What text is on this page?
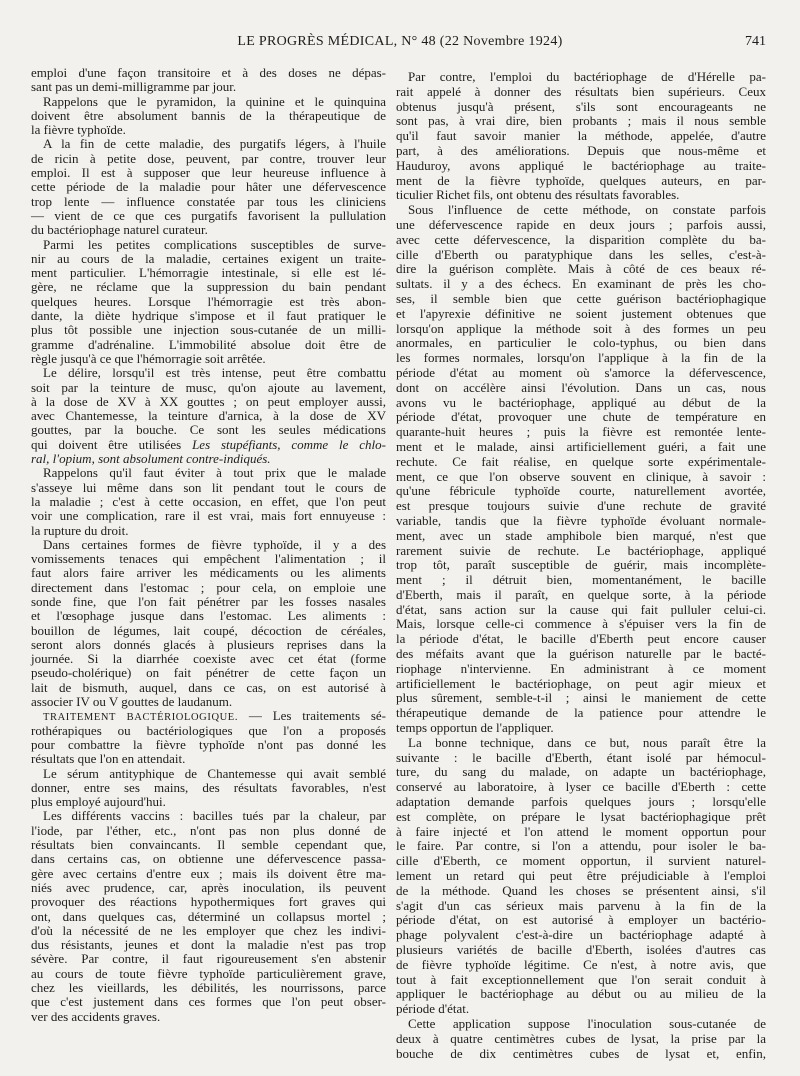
LE PROGRÈS MÉDICAL, N° 48 (22 Novembre 1924)	741
emploi d'une façon transitoire et à des doses ne dépas-
sant pas un demi-milligramme par jour.
Rappelons que le pyramidon, la quinine et le quinquina
doivent être absolument bannis de la thérapeutique de
la fièvre typhoïde.
A la fin de cette maladie, des purgatifs légers, à l'huile
de ricin à petite dose, peuvent, par contre, trouver leur
emploi. Il est à supposer que leur heureuse influence à
cette période de la maladie pour hâter une défervescence
trop lente — influence constatée par tous les cliniciens
— vient de ce que ces purgatifs favorisent la pullulation
du bactériophage naturel curateur.
Parmi les petites complications susceptibles de surve-
nir au cours de la maladie, certaines exigent un traite-
ment particulier. L'hémorragie intestinale, si elle est lé-
gère, ne réclame que la suppression du bain pendant
quelques heures. Lorsque l'hémorragie est très abon-
dante, la diète hydrique s'impose et il faut pratiquer le
plus tôt possible une injection sous-cutanée de un milli-
gramme d'adrénaline. L'immobilité absolue doit être de
règle jusqu'à ce que l'hémorragie soit arrêtée.
Le délire, lorsqu'il est très intense, peut être combattu
soit par la teinture de musc, qu'on ajoute au lavement,
à la dose de XV à XX gouttes ; on peut employer aussi,
avec Chantemesse, la teinture d'arnica, à la dose de XV
gouttes, par la bouche. Ce sont les seules médications
qui doivent être utilisées Les stupéfiants, comme le chlo-
ral, l'opium, sont absolument contre-indiqués.
Rappelons qu'il faut éviter à tout prix que le malade
s'asseye lui même dans son lit pendant tout le cours de
la maladie ; c'est à cette occasion, en effet, que l'on peut
voir une complication, rare il est vrai, mais fort ennuyeuse :
la rupture du droit.
Dans certaines formes de fièvre typhoïde, il y a des
vomissements tenaces qui empêchent l'alimentation ; il
faut alors faire arriver les médicaments ou les aliments
directement dans l'estomac ; pour cela, on emploie une
sonde fine, que l'on fait pénétrer par les fosses nasales
et l'œsophage jusque dans l'estomac. Les aliments :
bouillon de légumes, lait coupé, décoction de céréales,
seront alors donnés glacés à plusieurs reprises dans la
journée. Si la diarrhée coexiste avec cet état (forme
pseudo-cholérique) on fait pénétrer de cette façon un
lait de bismuth, auquel, dans ce cas, on est autorisé à
associer IV ou V gouttes de laudanum.
TRAITEMENT BACTÉRIOLOGIQUE. — Les traitements sé-
rothérapiques ou bactériologiques que l'on a proposés
pour combattre la fièvre typhoïde n'ont pas donné les
résultats que l'on en attendait.
Le sérum antityphique de Chantemesse qui avait semblé
donner, entre ses mains, des résultats favorables, n'est
plus employé aujourd'hui.
Les différents vaccins : bacilles tués par la chaleur, par
l'iode, par l'éther, etc., n'ont pas non plus donné de
résultats bien convaincants. Il semble cependant que,
dans certains cas, on obtienne une défervescence passa-
gère avec certains d'entre eux ; mais ils doivent être ma-
niés avec prudence, car, après inoculation, ils peuvent
provoquer des réactions hypothermiques fort graves qui
ont, dans quelques cas, déterminé un collapsus mortel ;
d'où la nécessité de ne les employer que chez les indivi-
dus résistants, jeunes et dont la maladie n'est pas trop
sévère. Par contre, il faut rigoureusement s'en abstenir
au cours de toute fièvre typhoïde particulièrement grave,
chez les vieillards, les débilités, les nourrissons, parce
que c'est justement dans ces formes que l'on peut obser-
ver des accidents graves.
Par contre, l'emploi du bactériophage de d'Hérelle pa-
rait appelé à donner des résultats bien supérieurs. Ceux
obtenus jusqu'à présent, s'ils sont encourageants ne
sont pas, à vrai dire, bien probants ; mais il nous semble
qu'il faut savoir manier la méthode, appelée, d'autre
part, à des améliorations. Depuis que nous-même et
Hauduroy, avons appliqué le bactériophage au traite-
ment de la fièvre typhoïde, quelques auteurs, en par-
ticulier Richet fils, ont obtenu des résultats favorables.
Sous l'influence de cette méthode, on constate parfois
une défervescence rapide en deux jours ; parfois aussi,
avec cette défervescence, la disparition complète du ba-
cille d'Eberth ou paratyphique dans les selles, c'est-à-
dire la guérison complète. Mais à côté de ces beaux ré-
sultats. il y a des échecs. En examinant de près les cho-
ses, il semble bien que cette guérison bactériophagique
et l'apyrexie définitive ne soient justement obtenues que
lorsqu'on applique la méthode soit à des formes un peu
anormales, en particulier le colo-typhus, ou bien dans
les formes normales, lorsqu'on l'applique à la fin de la
période d'état au moment où s'amorce la défervescence,
dont on accélère ainsi l'évolution. Dans un cas, nous
avons vu le bactériophage, appliqué au début de la
période d'état, provoquer une chute de température en
quarante-huit heures ; puis la fièvre est remontée lente-
ment et le malade, ainsi artificiellement guéri, a fait une
rechute. Ce fait réalise, en quelque sorte expérimentale-
ment, ce que l'on observe souvent en clinique, à savoir :
qu'une fébricule typhoïde courte, naturellement avortée,
est presque toujours suivie d'une rechute de gravité
variable, tandis que la fièvre typhoïde évoluant normale-
ment, avec un stade amphibole bien marqué, n'est que
rarement suivie de rechute. Le bactériophage, appliqué
trop tôt, paraît susceptible de guérir, mais incomplète-
ment ; il détruit bien, momentanément, le bacille
d'Eberth, mais il paraît, en quelque sorte, à la période
d'état, sans action sur la cause qui fait pulluler celui-ci.
Mais, lorsque celle-ci commence à s'épuiser vers la fin de
la période d'état, le bacille d'Eberth peut encore causer
des méfaits avant que la guérison naturelle par le bacté-
riophage n'intervienne. En administrant à ce moment
artificiellement le bactériophage, on peut agir mieux et
plus sûrement, semble-t-il ; ainsi le maniement de cette
thérapeutique demande de la patience pour attendre le
temps opportun de l'appliquer.
La bonne technique, dans ce but, nous paraît être la
suivante : le bacille d'Eberth, étant isolé par hémocul-
ture, du sang du malade, on adapte un bactériophage,
conservé au laboratoire, à lyser ce bacille d'Eberth : cette
adaptation demande parfois quelques jours ; lorsqu'elle
est complète, on prépare le lysat bactériophagique prêt
à faire injecté et l'on attend le moment opportun pour
le faire. Par contre, si l'on a attendu, pour isoler le ba-
cille d'Eberth, ce moment opportun, il survient naturel-
lement un retard qui peut être préjudiciable à l'emploi
de la méthode. Quand les choses se présentent ainsi, s'il
s'agit d'un cas sérieux mais parvenu à la fin de la
période d'état, on est autorisé à employer un bactério-
phage polyvalent c'est-à-dire un bactériophage adapté à
plusieurs variétés de bacille d'Eberth, isolées d'autres cas
de fièvre typhoïde légitime. Ce n'est, à notre avis, que
tout à fait exceptionnellement que l'on serait conduit à
appliquer le bactériophage au début ou au milieu de la
période d'état.
Cette application suppose l'inoculation sous-cutanée de
deux à quatre centimètres cubes de lysat, la prise par la
bouche de dix centimètres cubes de lysat et, enfin,
